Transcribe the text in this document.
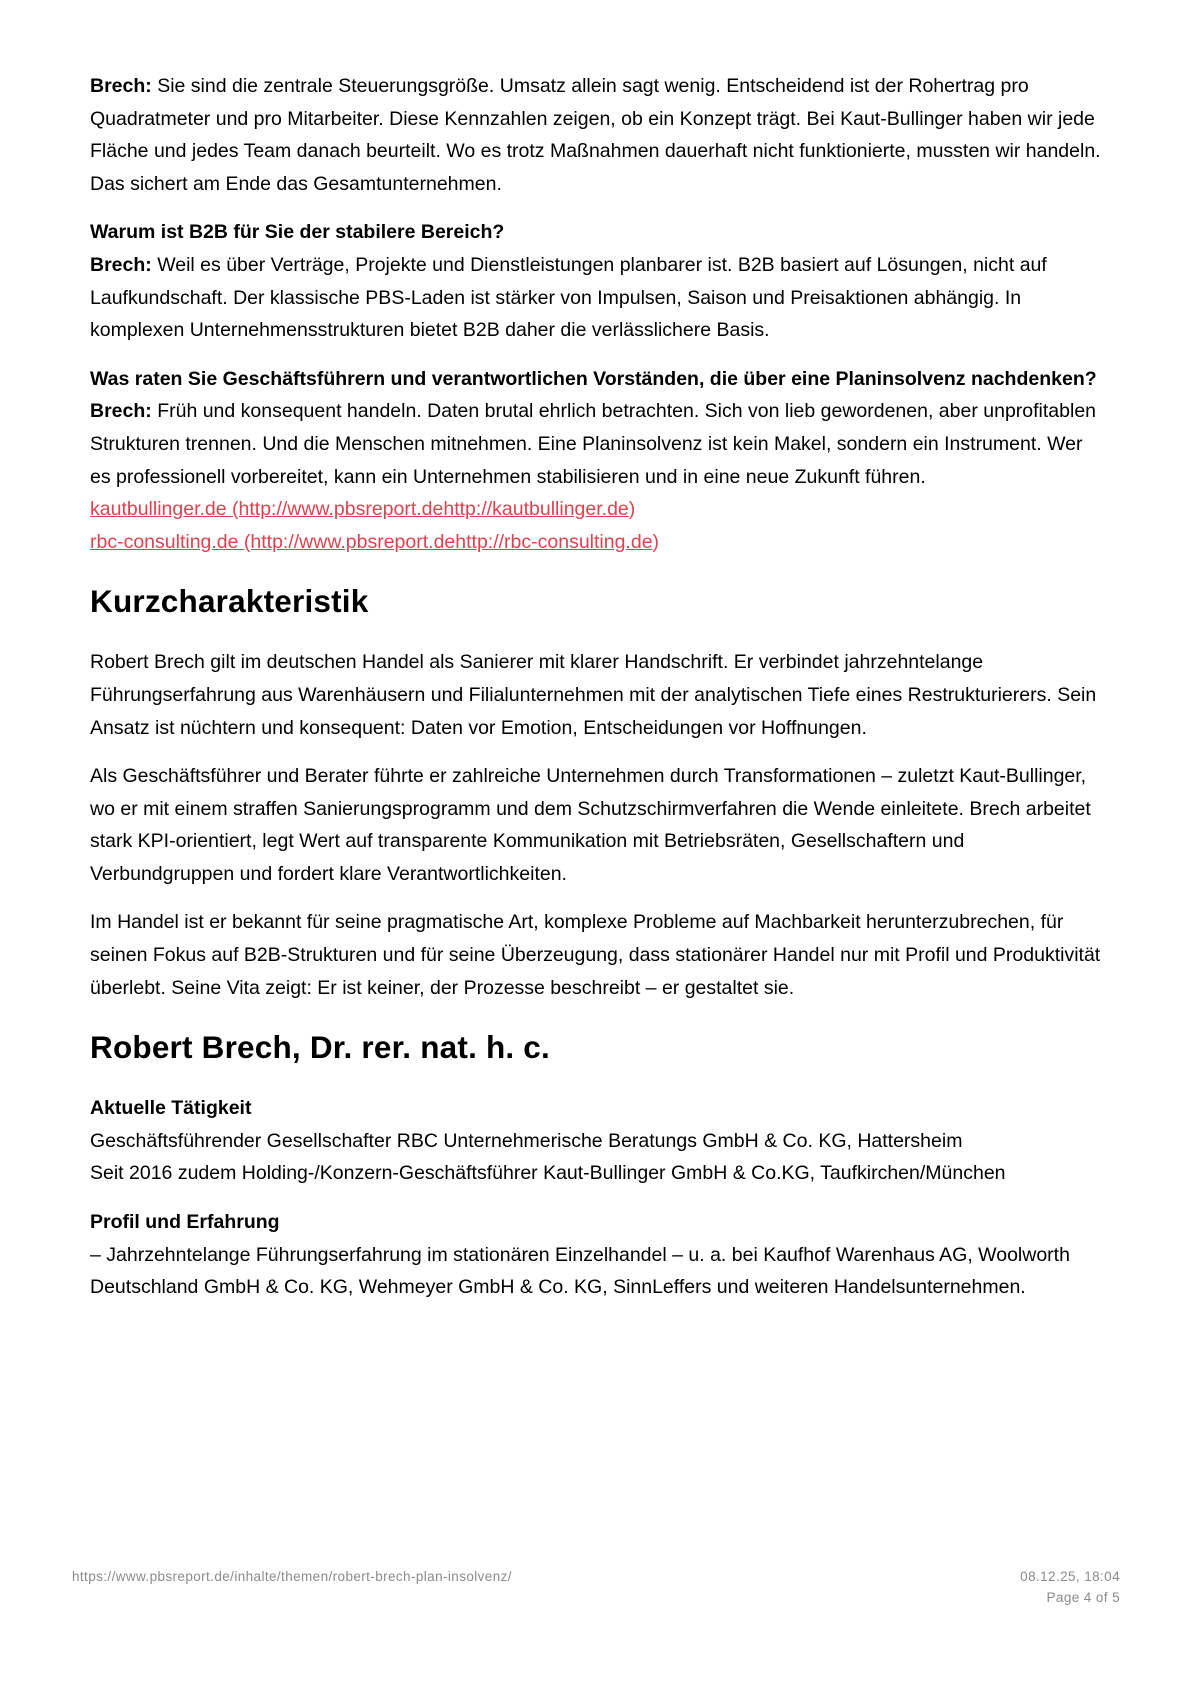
Brech: Sie sind die zentrale Steuerungsgröße. Umsatz allein sagt wenig. Entscheidend ist der Rohertrag pro Quadratmeter und pro Mitarbeiter. Diese Kennzahlen zeigen, ob ein Konzept trägt. Bei Kaut-Bullinger haben wir jede Fläche und jedes Team danach beurteilt. Wo es trotz Maßnahmen dauerhaft nicht funktionierte, mussten wir handeln. Das sichert am Ende das Gesamtunternehmen.

Warum ist B2B für Sie der stabilere Bereich?

Brech: Weil es über Verträge, Projekte und Dienstleistungen planbarer ist. B2B basiert auf Lösungen, nicht auf Laufkundschaft. Der klassische PBS-Laden ist stärker von Impulsen, Saison und Preisaktionen abhängig. In komplexen Unternehmensstrukturen bietet B2B daher die verlässlichere Basis.

Was raten Sie Geschäftsführern und verantwortlichen Vorständen, die über eine Planinsolvenz nachdenken?

Brech: Früh und konsequent handeln. Daten brutal ehrlich betrachten. Sich von lieb gewordenen, aber unprofitablen Strukturen trennen. Und die Menschen mitnehmen. Eine Planinsolvenz ist kein Makel, sondern ein Instrument. Wer es professionell vorbereitet, kann ein Unternehmen stabilisieren und in eine neue Zukunft führen.

kautbullinger.de (http://www.pbsreport.dehttp://kautbullinger.de)
rbc-consulting.de (http://www.pbsreport.dehttp://rbc-consulting.de)
Kurzcharakteristik

Robert Brech gilt im deutschen Handel als Sanierer mit klarer Handschrift. Er verbindet jahrzehntelange Führungserfahrung aus Warenhäusern und Filialunternehmen mit der analytischen Tiefe eines Restrukturierers. Sein Ansatz ist nüchtern und konsequent: Daten vor Emotion, Entscheidungen vor Hoffnungen.

Als Geschäftsführer und Berater führte er zahlreiche Unternehmen durch Transformationen – zuletzt Kaut-Bullinger, wo er mit einem straffen Sanierungsprogramm und dem Schutzschirmverfahren die Wende einleitete. Brech arbeitet stark KPI-orientiert, legt Wert auf transparente Kommunikation mit Betriebsräten, Gesellschaftern und Verbundgruppen und fordert klare Verantwortlichkeiten.

Im Handel ist er bekannt für seine pragmatische Art, komplexe Probleme auf Machbarkeit herunterzubrechen, für seinen Fokus auf B2B-Strukturen und für seine Überzeugung, dass stationärer Handel nur mit Profil und Produktivität überlebt. Seine Vita zeigt: Er ist keiner, der Prozesse beschreibt – er gestaltet sie.

Robert Brech, Dr. rer. nat. h. c.

Aktuelle Tätigkeit

Geschäftsführender Gesellschafter RBC Unternehmerische Beratungs GmbH & Co. KG, Hattersheim
Seit 2016 zudem Holding-/Konzern-Geschäftsführer Kaut-Bullinger GmbH & Co.KG, Taufkirchen/München

Profil und Erfahrung

– Jahrzehntelange Führungserfahrung im stationären Einzelhandel – u. a. bei Kaufhof Warenhaus AG, Woolworth Deutschland GmbH & Co. KG, Wehmeyer GmbH & Co. KG, SinnLeffers und weiteren Handelsunternehmen.

https://www.pbsreport.de/inhalte/themen/robert-brech-plan-insolvenz/	08.12.25, 18:04
Page 4 of 5
